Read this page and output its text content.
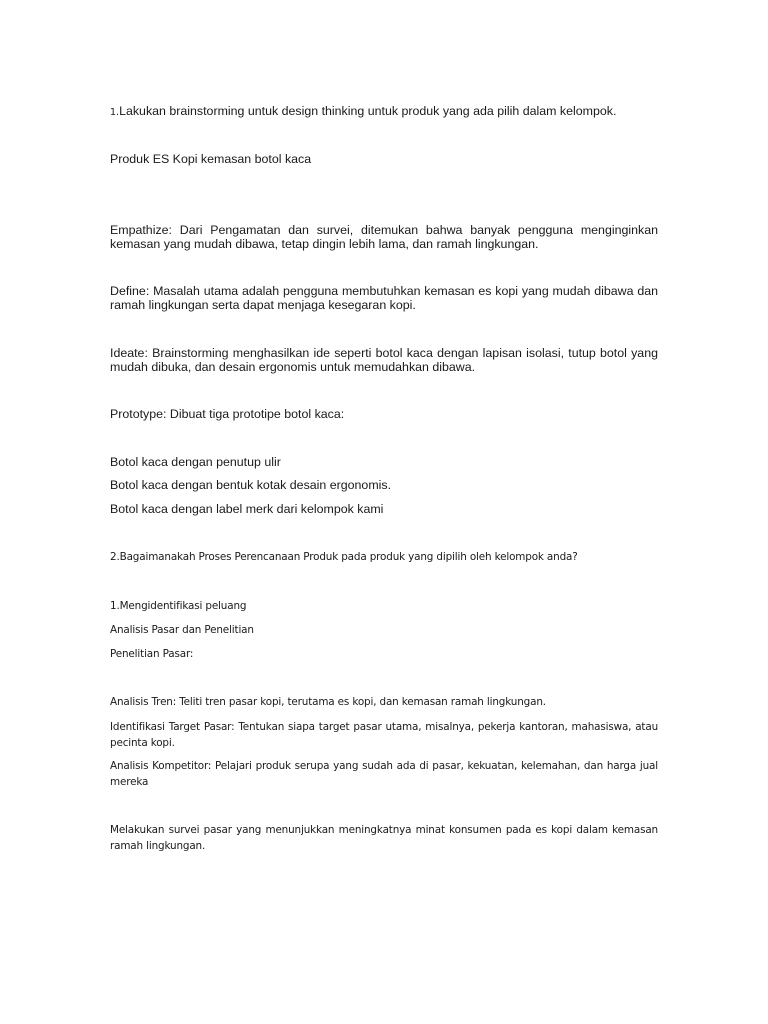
1.Lakukan brainstorming untuk design thinking untuk produk yang ada pilih dalam kelompok.

Produk ES Kopi kemasan botol kaca

Empathize: Dari Pengamatan dan survei, ditemukan bahwa banyak pengguna menginginkan kemasan yang mudah dibawa, tetap dingin lebih lama, dan ramah lingkungan.

Define: Masalah utama adalah pengguna membutuhkan kemasan es kopi yang mudah dibawa dan ramah lingkungan serta dapat menjaga kesegaran kopi.

Ideate: Brainstorming menghasilkan ide seperti botol kaca dengan lapisan isolasi, tutup botol yang mudah dibuka, dan desain ergonomis untuk memudahkan dibawa.

Prototype: Dibuat tiga prototipe botol kaca:

Botol kaca dengan penutup ulir

Botol kaca dengan bentuk kotak desain ergonomis.

Botol kaca dengan label merk dari kelompok kami

2.Bagaimanakah Proses Perencanaan Produk pada produk yang dipilih oleh kelompok anda?

1.Mengidentifikasi peluang

Analisis Pasar dan Penelitian

Penelitian Pasar:

Analisis Tren: Teliti tren pasar kopi, terutama es kopi, dan kemasan ramah lingkungan.

Identifikasi Target Pasar: Tentukan siapa target pasar utama, misalnya, pekerja kantoran, mahasiswa, atau pecinta kopi.

Analisis Kompetitor: Pelajari produk serupa yang sudah ada di pasar, kekuatan, kelemahan, dan harga jual mereka

Melakukan survei pasar yang menunjukkan meningkatnya minat konsumen pada es kopi dalam kemasan ramah lingkungan.
